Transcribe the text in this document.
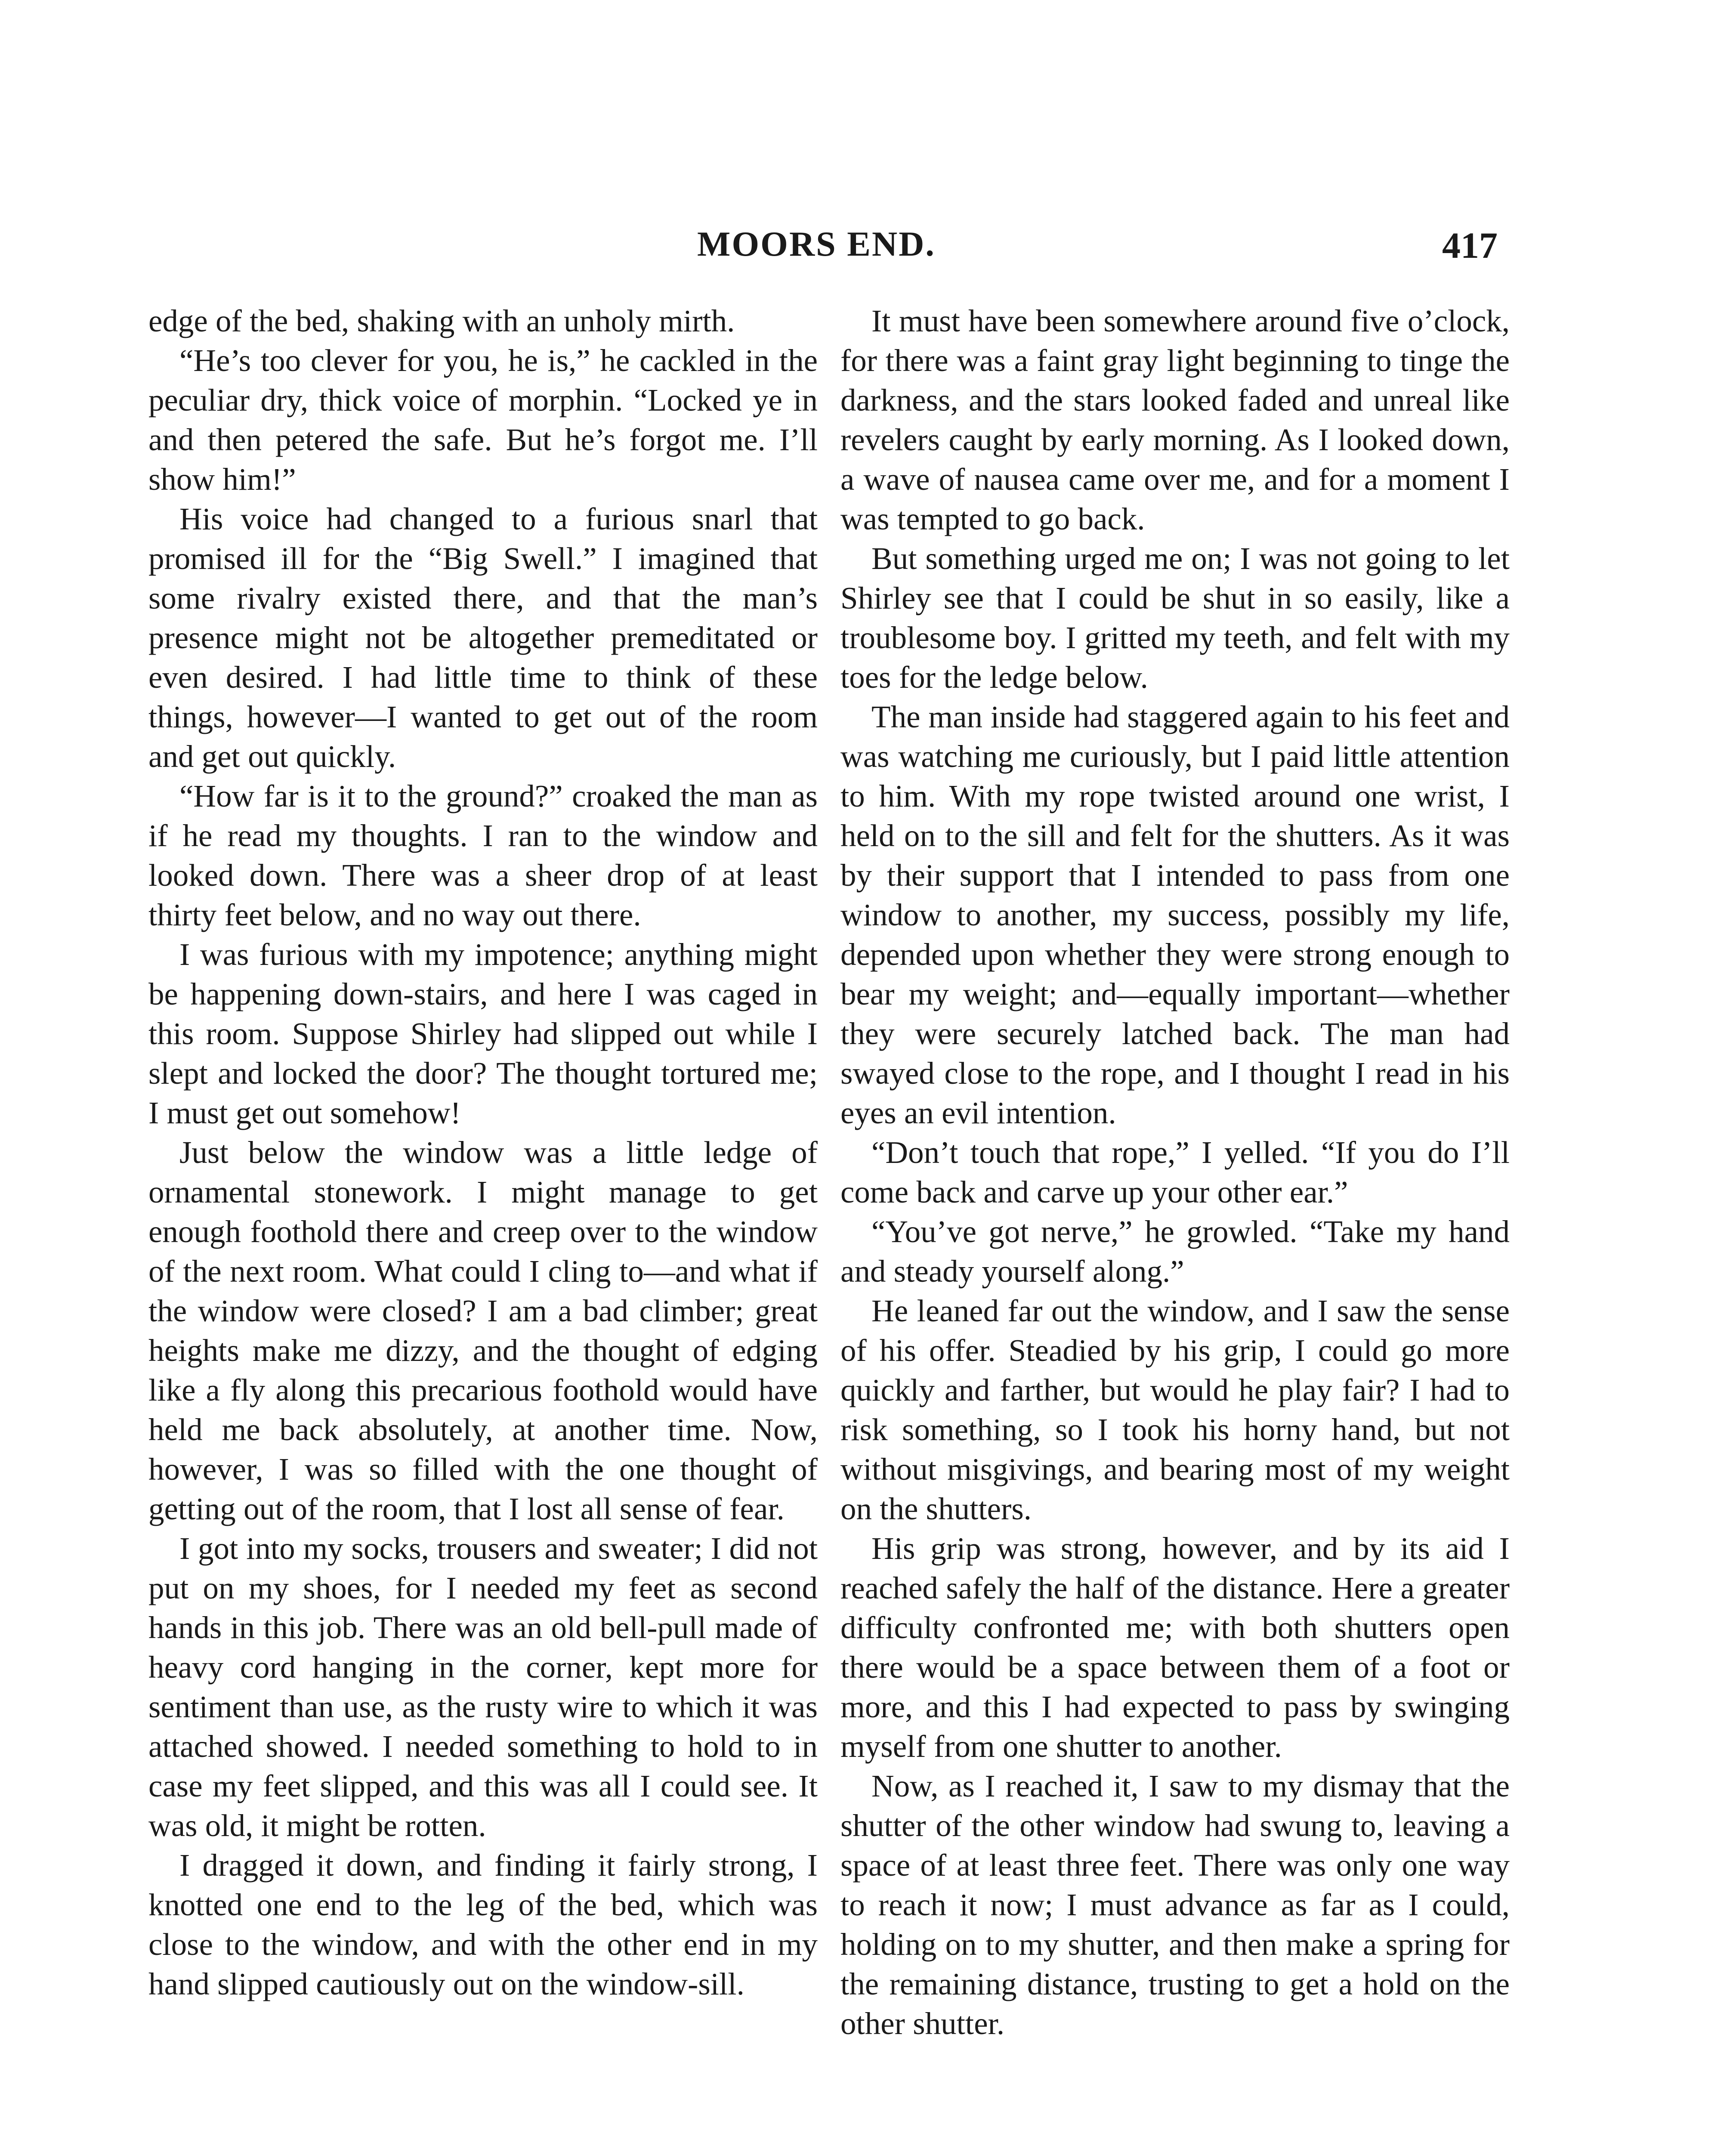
MOORS END.	417

edge of the bed, shaking with an unholy mirth.

“He’s too clever for you, he is,” he cackled in the peculiar dry, thick voice of morphin. “Locked ye in and then petered the safe. But he’s forgot me. I’ll show him!”

His voice had changed to a furious snarl that promised ill for the “Big Swell.” I imagined that some rivalry existed there, and that the man’s presence might not be altogether premeditated or even desired. I had little time to think of these things, however—I wanted to get out of the room and get out quickly.

“How far is it to the ground?” croaked the man as if he read my thoughts. I ran to the window and looked down. There was a sheer drop of at least thirty feet below, and no way out there.

I was furious with my impotence; anything might be happening down-stairs, and here I was caged in this room. Suppose Shirley had slipped out while I slept and locked the door? The thought tortured me; I must get out somehow!

Just below the window was a little ledge of ornamental stonework. I might manage to get enough foothold there and creep over to the window of the next room. What could I cling to—and what if the window were closed? I am a bad climber; great heights make me dizzy, and the thought of edging like a fly along this precarious foothold would have held me back absolutely, at another time. Now, however, I was so filled with the one thought of getting out of the room, that I lost all sense of fear.

I got into my socks, trousers and sweater; I did not put on my shoes, for I needed my feet as second hands in this job. There was an old bell-pull made of heavy cord hanging in the corner, kept more for sentiment than use, as the rusty wire to which it was attached showed. I needed something to hold to in case my feet slipped, and this was all I could see. It was old, it might be rotten.

I dragged it down, and finding it fairly strong, I knotted one end to the leg of the bed, which was close to the window, and with the other end in my hand slipped cautiously out on the window-sill.

It must have been somewhere around five o’clock, for there was a faint gray light beginning to tinge the darkness, and the stars looked faded and unreal like revelers caught by early morning. As I looked down, a wave of nausea came over me, and for a moment I was tempted to go back.

But something urged me on; I was not going to let Shirley see that I could be shut in so easily, like a troublesome boy. I gritted my teeth, and felt with my toes for the ledge below.

The man inside had staggered again to his feet and was watching me curiously, but I paid little attention to him. With my rope twisted around one wrist, I held on to the sill and felt for the shutters. As it was by their support that I intended to pass from one window to another, my success, possibly my life, depended upon whether they were strong enough to bear my weight; and—equally important—whether they were securely latched back. The man had swayed close to the rope, and I thought I read in his eyes an evil intention.

“Don’t touch that rope,” I yelled. “If you do I’ll come back and carve up your other ear.”

“You’ve got nerve,” he growled. “Take my hand and steady yourself along.”

He leaned far out the window, and I saw the sense of his offer. Steadied by his grip, I could go more quickly and farther, but would he play fair? I had to risk something, so I took his horny hand, but not without misgivings, and bearing most of my weight on the shutters.

His grip was strong, however, and by its aid I reached safely the half of the distance. Here a greater difficulty confronted me; with both shutters open there would be a space between them of a foot or more, and this I had expected to pass by swinging myself from one shutter to another.

Now, as I reached it, I saw to my dismay that the shutter of the other window had swung to, leaving a space of at least three feet. There was only one way to reach it now; I must advance as far as I could, holding on to my shutter, and then make a spring for the remaining distance, trusting to get a hold on the other shutter.
